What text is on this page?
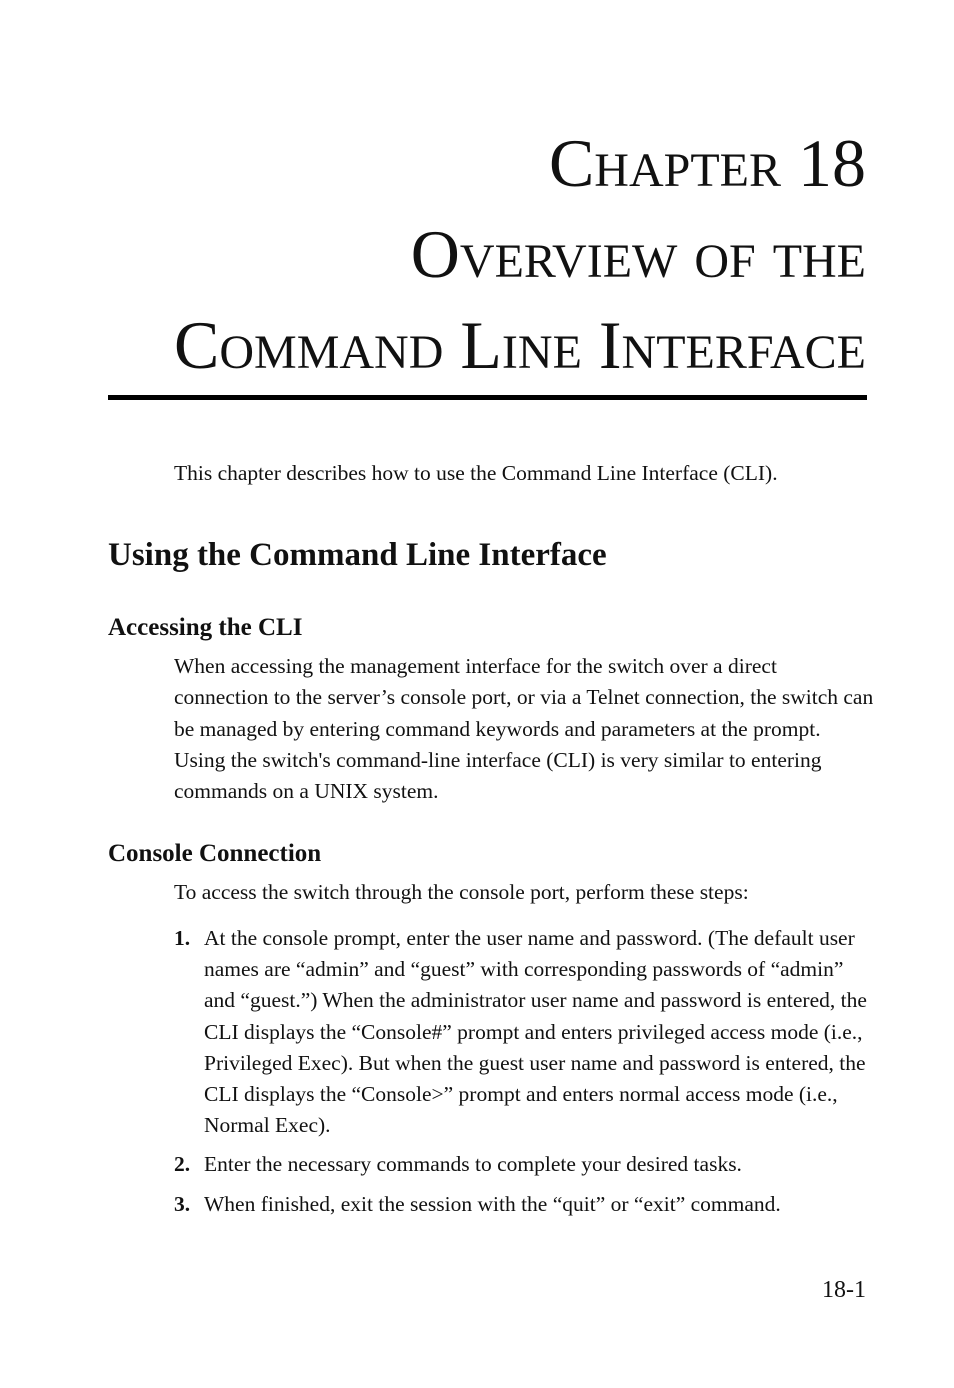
Chapter 18
Overview of the
Command Line Interface
This chapter describes how to use the Command Line Interface (CLI).
Using the Command Line Interface
Accessing the CLI
When accessing the management interface for the switch over a direct connection to the server’s console port, or via a Telnet connection, the switch can be managed by entering command keywords and parameters at the prompt. Using the switch's command-line interface (CLI) is very similar to entering commands on a UNIX system.
Console Connection
To access the switch through the console port, perform these steps:
1. At the console prompt, enter the user name and password. (The default user names are “admin” and “guest” with corresponding passwords of “admin” and “guest.”) When the administrator user name and password is entered, the CLI displays the “Console#” prompt and enters privileged access mode (i.e., Privileged Exec). But when the guest user name and password is entered, the CLI displays the “Console>” prompt and enters normal access mode (i.e., Normal Exec).
2. Enter the necessary commands to complete your desired tasks.
3. When finished, exit the session with the “quit” or “exit” command.
18-1
